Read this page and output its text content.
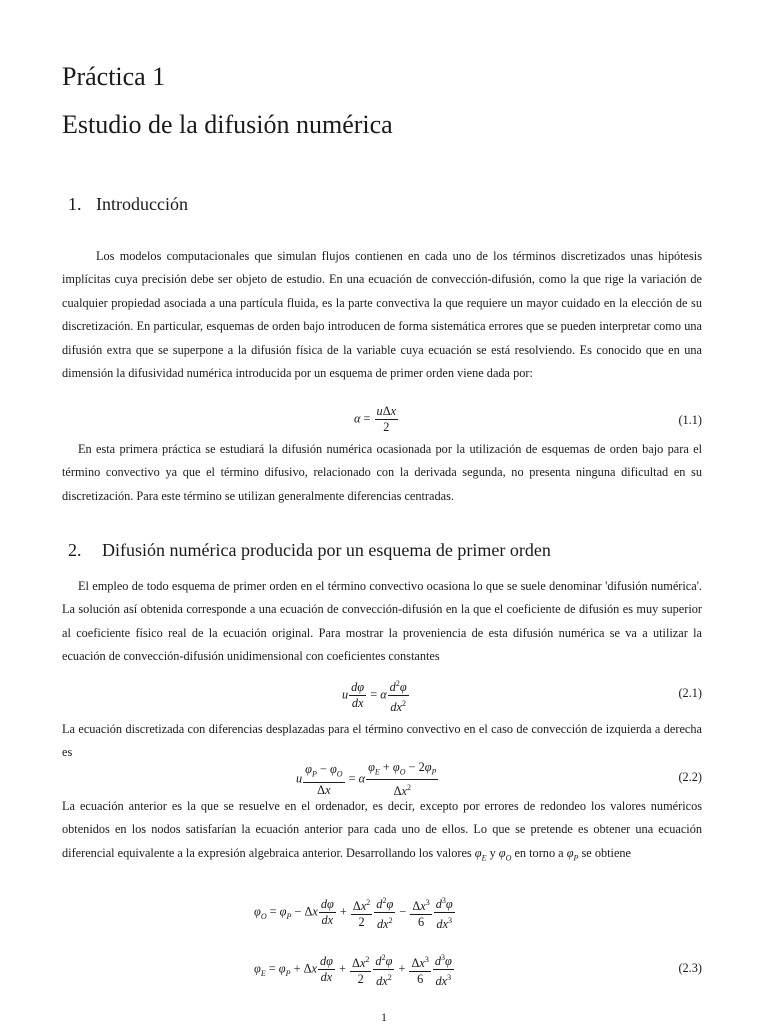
Práctica 1
Estudio de la difusión numérica
1. Introducción
Los modelos computacionales que simulan flujos contienen en cada uno de los términos discretizados unas hipótesis implícitas cuya precisión debe ser objeto de estudio. En una ecuación de convección-difusión, como la que rige la variación de cualquier propiedad asociada a una partícula fluida, es la parte convectiva la que requiere un mayor cuidado en la elección de su discretización. En particular, esquemas de orden bajo introducen de forma sistemática errores que se pueden interpretar como una difusión extra que se superpone a la difusión física de la variable cuya ecuación se está resolviendo. Es conocido que en una dimensión la difusividad numérica introducida por un esquema de primer orden viene dada por:
$\alpha = \frac{\text{uΔx}}{2}$	(1.1)
En esta primera práctica se estudiará la difusión numérica ocasionada por la utilización de esquemas de orden bajo para el término convectivo ya que el término difusivo, relacionado con la derivada segunda, no presenta ninguna dificultad en su discretización. Para este término se utilizan generalmente diferencias centradas.
2. Difusión numérica producida por un esquema de primer orden
El empleo de todo esquema de primer orden en el término convectivo ocasiona lo que se suele denominar 'difusión numérica'. La solución así obtenida corresponde a una ecuación de convección-difusión en la que el coeficiente de difusión es muy superior al coeficiente físico real de la ecuación original. Para mostrar la proveniencia de esta difusión numérica se va a utilizar la ecuación de convección-difusión unidimensional con coeficientes constantes
u $\frac{d\varphi}{dx} = \alpha \frac{d^2\varphi}{dx^2}$	(2.1)
La ecuación discretizada con diferencias desplazadas para el término convectivo en el caso de convección de izquierda a derecha es
u $\frac{\varphi_P - \varphi_O}{\Delta x} = \alpha \frac{\varphi_E + \varphi_O - 2\varphi_P}{\Delta x^2}$	(2.2)
La ecuación anterior es la que se resuelve en el ordenador, es decir, excepto por errores de redondeo los valores numéricos obtenidos en los nodos satisfarían la ecuación anterior para cada uno de ellos. Lo que se pretende es obtener una ecuación diferencial equivalente a la expresión algebraica anterior. Desarrollando los valores $\varphi_E$ y $\varphi_O$ en torno a $\varphi_P$ se obtiene
$\varphi_O = \varphi_P - \Delta x \frac{d\varphi}{dx} + \frac{\Delta x^2}{2} \frac{d^2\varphi}{dx^2} - \frac{\Delta x^3}{6} \frac{d^3\varphi}{dx^3}$
$\varphi_E = \varphi_P + \Delta x \frac{d\varphi}{dx} + \frac{\Delta x^2}{2} \frac{d^2\varphi}{dx^2} + \frac{\Delta x^3}{6} \frac{d^3\varphi}{dx^3}$	(2.3)
1
